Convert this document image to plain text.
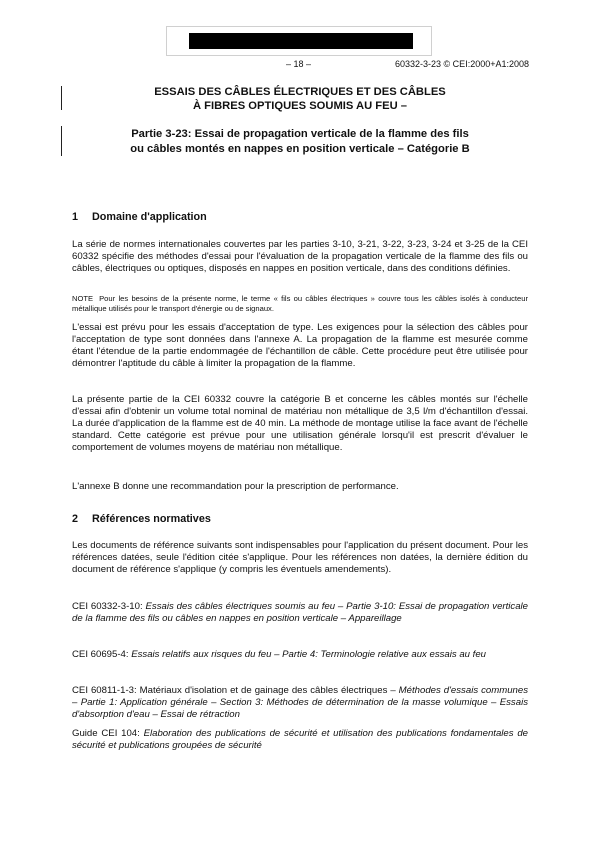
– 18 –	60332-3-23 © CEI:2000+A1:2008
ESSAIS DES CÂBLES ÉLECTRIQUES ET DES CÂBLES
À FIBRES OPTIQUES SOUMIS AU FEU –
Partie 3-23: Essai de propagation verticale de la flamme des fils
ou câbles montés en nappes en position verticale – Catégorie B
1 Domaine d'application

La série de normes internationales couvertes par les parties 3-10, 3-21, 3-22, 3-23, 3-24 et 3-25 de la CEI 60332 spécifie des méthodes d'essai pour l'évaluation de la propagation verticale de la flamme des fils ou câbles, électriques ou optiques, disposés en nappes en position verticale, dans des conditions définies.

NOTE Pour les besoins de la présente norme, le terme « fils ou câbles électriques » couvre tous les câbles isolés à conducteur métallique utilisés pour le transport d'énergie ou de signaux.

L'essai est prévu pour les essais d'acceptation de type. Les exigences pour la sélection des câbles pour l'acceptation de type sont données dans l'annexe A. La propagation de la flamme est mesurée comme étant l'étendue de la partie endommagée de l'échantillon de câble. Cette procédure peut être utilisée pour démontrer l'aptitude du câble à limiter la propagation de la flamme.

La présente partie de la CEI 60332 couvre la catégorie B et concerne les câbles montés sur l'échelle d'essai afin d'obtenir un volume total nominal de matériau non métallique de 3,5 l/m d'échantillon d'essai. La durée d'application de la flamme est de 40 min. La méthode de montage utilise la face avant de l'échelle standard. Cette catégorie est prévue pour une utilisation générale lorsqu'il est prescrit d'évaluer le comportement de volumes moyens de matériau non métallique.

L'annexe B donne une recommandation pour la prescription de performance.

2 Références normatives

Les documents de référence suivants sont indispensables pour l'application du présent document. Pour les références datées, seule l'édition citée s'applique. Pour les références non datées, la dernière édition du document de référence s'applique (y compris les éventuels amendements).

CEI 60332-3-10: Essais des câbles électriques soumis au feu – Partie 3-10: Essai de propagation verticale de la flamme des fils ou câbles en nappes en position verticale – Appareillage

CEI 60695-4: Essais relatifs aux risques du feu – Partie 4: Terminologie relative aux essais au feu

CEI 60811-1-3: Matériaux d'isolation et de gainage des câbles électriques – Méthodes d'essais communes – Partie 1: Application générale – Section 3: Méthodes de détermination de la masse volumique – Essais d'absorption d'eau – Essai de rétraction

Guide CEI 104: Elaboration des publications de sécurité et utilisation des publications fondamentales de sécurité et publications groupées de sécurité
